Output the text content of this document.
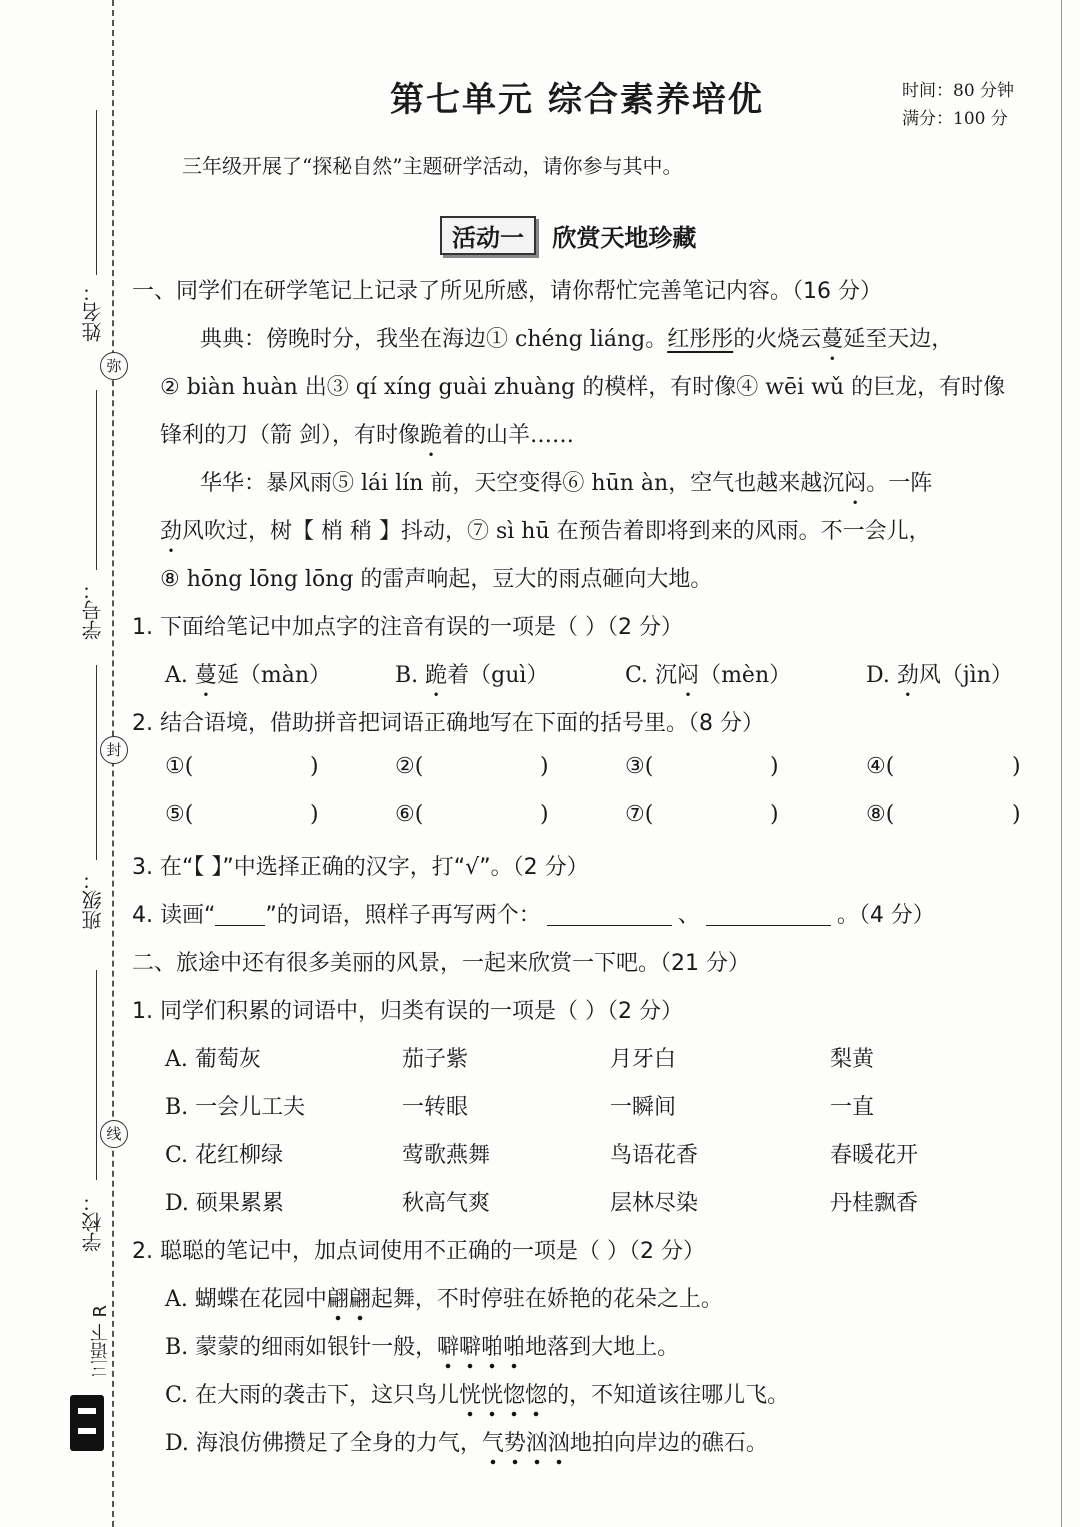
姓名：
学号：
班级：
学校：
弥
封
线
三语下 R
第七单元 综合素养培优	时间：80 分钟
满分：100 分
三年级开展了“探秘自然”主题研学活动，请你参与其中。
活动一 欣赏天地珍藏
一、同学们在研学笔记上记录了所见所感，请你帮忙完善笔记内容。（16 分）
典典：傍晚时分，我坐在海边① chéng liáng。红彤彤的火烧云蔓延至天边，
② biàn huàn 出③ qí xíng guài zhuàng 的模样，有时像④ wēi wǔ 的巨龙，有时像
锋利的刀（箭 剑），有时像跪着的山羊……
华华：暴风雨⑤ lái lín 前，天空变得⑥ hūn àn，空气也越来越沉闷。一阵
劲风吹过，树【 梢 稍 】抖动，⑦ sì hū 在预告着即将到来的风雨。不一会儿，
⑧ hōng lōng lōng 的雷声响起，豆大的雨点砸向大地。
1. 下面给笔记中加点字的注音有误的一项是（ ）（2 分）
A. 蔓延（màn）	B. 跪着（guì）	C. 沉闷（mèn）	D. 劲风（jìn）
2. 结合语境，借助拼音把词语正确地写在下面的括号里。（8 分）
①(	)	②(	)	③(	)	④(	)
⑤(	)	⑥(	)	⑦(	)	⑧(	)
3. 在“【 】”中选择正确的汉字，打“√”。（2 分）
4. 读画“ ”的词语，照样子再写两个：	、	。（4 分）
二、旅途中还有很多美丽的风景，一起来欣赏一下吧。（21 分）
1. 同学们积累的词语中，归类有误的一项是（ ）（2 分）
A. 葡萄灰	茄子紫	月牙白	梨黄
B. 一会儿工夫	一转眼	一瞬间	一直
C. 花红柳绿	莺歌燕舞	鸟语花香	春暖花开
D. 硕果累累	秋高气爽	层林尽染	丹桂飘香
2. 聪聪的笔记中，加点词使用不正确的一项是（ ）（2 分）
A. 蝴蝶在花园中翩翩起舞，不时停驻在娇艳的花朵之上。
B. 蒙蒙的细雨如银针一般，噼噼啪啪地落到大地上。
C. 在大雨的袭击下，这只鸟儿恍恍惚惚的，不知道该往哪儿飞。
D. 海浪仿佛攒足了全身的力气，气势汹汹地拍向岸边的礁石。
